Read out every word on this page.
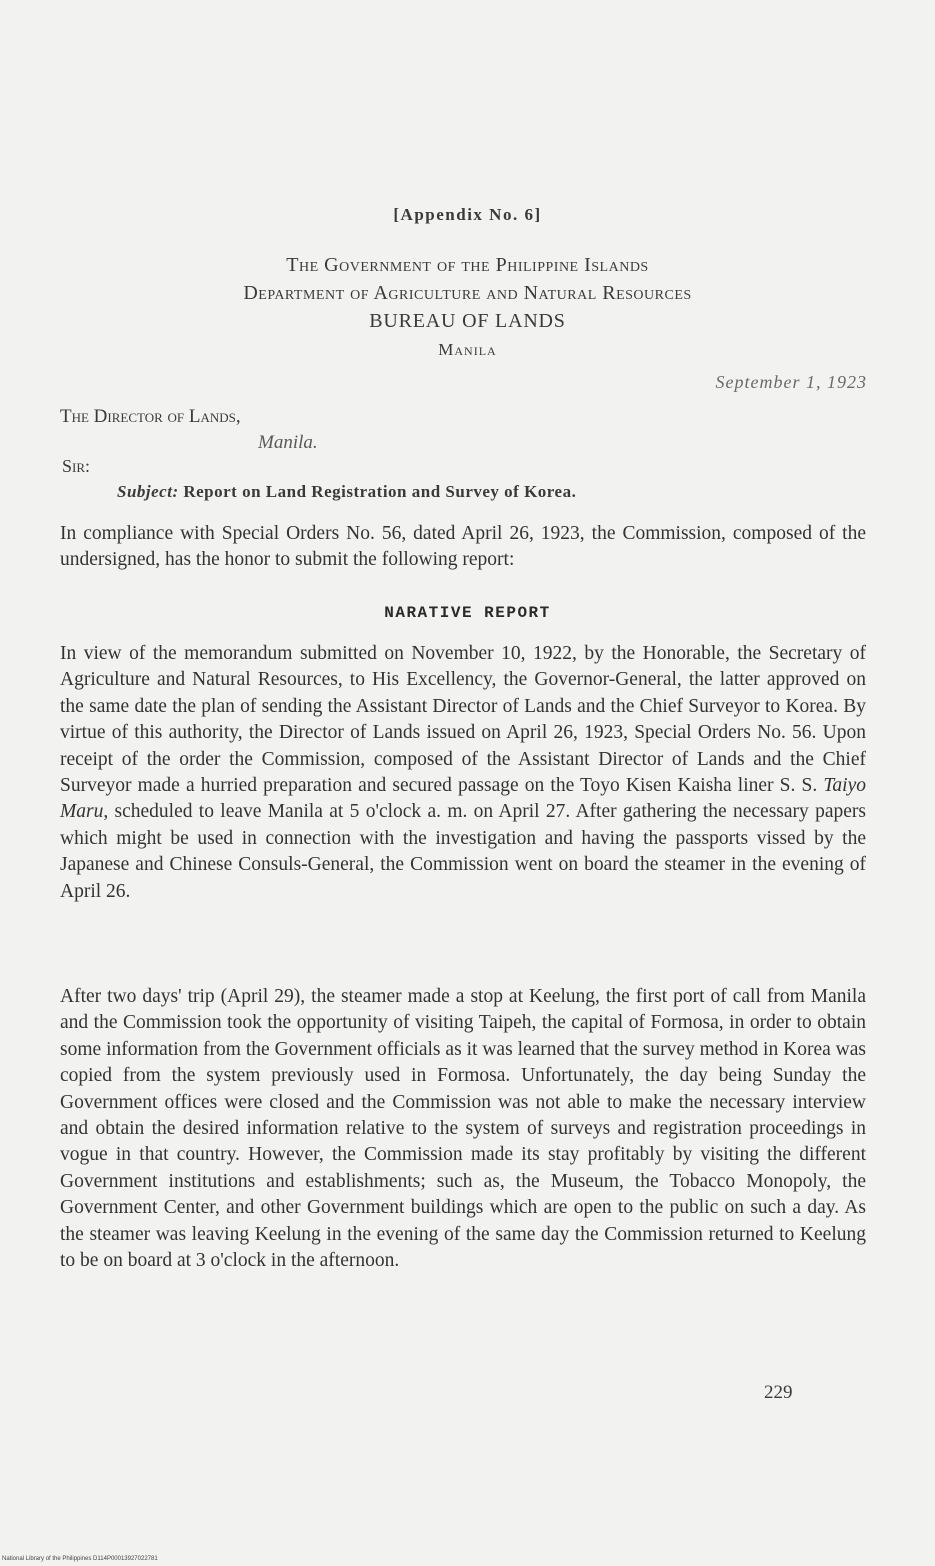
[Appendix No. 6]
The Government of the Philippine Islands
Department of Agriculture and Natural Resources
BUREAU OF LANDS
Manila
September 1, 1923
The Director of Lands,
Manila.
Sir:
Subject: Report on Land Registration and Survey of Korea.

In compliance with Special Orders No. 56, dated April 26, 1923, the Commission, composed of the undersigned, has the honor to submit the following report:

NARATIVE REPORT

In view of the memorandum submitted on November 10, 1922, by the Honorable, the Secretary of Agriculture and Natural Resources, to His Excellency, the Governor-General, the latter approved on the same date the plan of sending the Assistant Director of Lands and the Chief Surveyor to Korea. By virtue of this authority, the Director of Lands issued on April 26, 1923, Special Orders No. 56. Upon receipt of the order the Commission, composed of the Assistant Director of Lands and the Chief Surveyor made a hurried preparation and secured passage on the Toyo Kisen Kaisha liner S. S. Taiyo Maru, scheduled to leave Manila at 5 o'clock a. m. on April 27. After gathering the necessary papers which might be used in connection with the investigation and having the passports vissed by the Japanese and Chinese Consuls-General, the Commission went on board the steamer in the evening of April 26.

After two days' trip (April 29), the steamer made a stop at Keelung, the first port of call from Manila and the Commission took the opportunity of visiting Taipeh, the capital of Formosa, in order to obtain some information from the Government officials as it was learned that the survey method in Korea was copied from the system previously used in Formosa. Unfortunately, the day being Sunday the Government offices were closed and the Commission was not able to make the necessary interview and obtain the desired information relative to the system of surveys and registration proceedings in vogue in that country. However, the Commission made its stay profitably by visiting the different Government institutions and establishments; such as, the Museum, the Tobacco Monopoly, the Government Center, and other Government buildings which are open to the public on such a day. As the steamer was leaving Keelung in the evening of the same day the Commission returned to Keelung to be on board at 3 o'clock in the afternoon.

229
National Library of the Philippines D114P00013927022781
